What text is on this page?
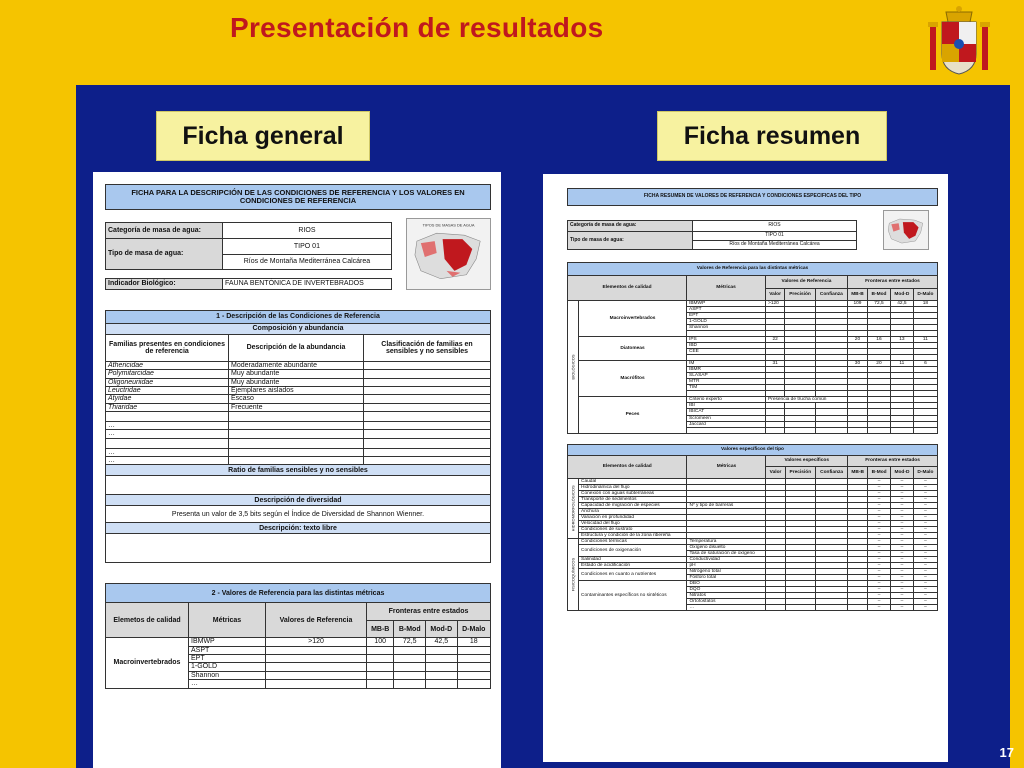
Presentación de resultados
Ficha general	Ficha resumen
FICHA PARA LA DESCRIPCIÓN DE LAS CONDICIONES DE REFERENCIA Y LOS VALORES EN CONDICIONES DE REFERENCIA
Categoría de masa de agua:	RIOS
Tipo de masa de agua:	TIPO 01
	Ríos de Montaña Mediterránea Calcárea

Indicador Biológico:	FAUNA BENTÓNICA DE INVERTEBRADOS
TIPOS DE MASAS DE AGUA
1 - Descripción de las Condiciones de Referencia		
Composición y abundancia		
Familias presentes en condiciones de referencia	Descripción de la abundancia	Clasificación de familias en sensibles y no sensibles
Athericidae	Moderadamente abundante	
Polymitarcidae	Muy abundante	
Oligoneuriidae	Muy abundante	
Leuctridae	Ejemplares aislados	
Atyidae	Escaso	
Thiaridae	Frecuente	

…		
…		

…		
…		
Ratio de familias sensibles y no sensibles		

Descripción de diversidad		
Presenta un valor de 3,5 bits según el Índice de Diversidad de Shannon Wienner.		
Descripción: texto libre		

2 - Valores de Referencia para las distintas métricas						
Elemetos de calidad	Métricas	Valores de Referencia	Fronteras entre estados			
			MB-B	B-Mod	Mod-D	D-Malo
Macroinvertebrados	IBMWP	>120	100	72,5	42,5	18
	ASPT					
	EPT					
	1-GOLD					
	Shannon					
	…					
FICHA RESUMEN DE VALORES DE REFERENCIA Y CONDICIONES ESPECIFICAS DEL TIPO
Categoría de masa de agua:	RIOS
Tipo de masa de agua:	TIPO 01
	Ríos de Montaña Mediterránea Calcárea
Valores de Referencia para las distintas métricas									
Elementos de calidad		Métricas	Valores de Referencia			Fronteras entre estados			
			Valor	Precisión	Confianza	MB-B	B-Mod	Mod-D	D-Malo
BIOLÓGICOS	Macroinvertebrados	IBMWP	>120			109	72,5	42,5	18
		ASPT							
		EPT							
		1-GOLD							
		Shannon							

	Diatomeas	IPS	22			20	16	13	11
		IBD							
		CEE							

	Macrófitos	IM	31			30	20	11	6
		IBMR							
		SLASAP							
		MTR							
		TIM							

	Peces	Criterio experto	Presencia de trucha común						
		IBI							
		IBICAT							
		Scromeen							
		Jaccard							

Valores específicos del tipo									
Elementos de calidad		Métricas	Valores específicos			Fronteras entre estados			
			Valor	Precisión	Confianza	MB-B	B-Mod	Mod-D	D-Malo
HIDROMORFOLÓGICOS	Caudal						–	–	–
	Hidrodinámica del flujo						–	–	–
	Conexión con aguas subterráneas						–	–	–
	Transporte de sedimentos						–	–	–
	Capacidad de migración de especies	Nº y tipo de barreras					–	–	–
	Anchura						–	–	–
	Variación en profundidad						–	–	–
	Velocidad del flujo						–	–	–
	Condiciones de sustrato						–	–	–
	Estructura y condición de la zona ribereña						–	–	–
FISICOQUÍMICOS	Condiciones térmicas	Temperatura					–	–	–
	Condiciones de oxigenación	Oxígeno disuelto					–	–	–
		Tasa de saturación de oxígeno					–	–	–
	Salinidad	Conductividad					–	–	–
	Estado de acidificación	pH					–	–	–
	Condiciones en cuanto a nutrientes	Nitrógeno total					–	–	–
		Fósforo total					–	–	–
	Contaminantes específicos no sintéticos	DBO					–	–	–
		DQO					–	–	–
		Nitratos					–	–	–
		Ortofosfatos					–	–	–
		…					–	–	–
17
